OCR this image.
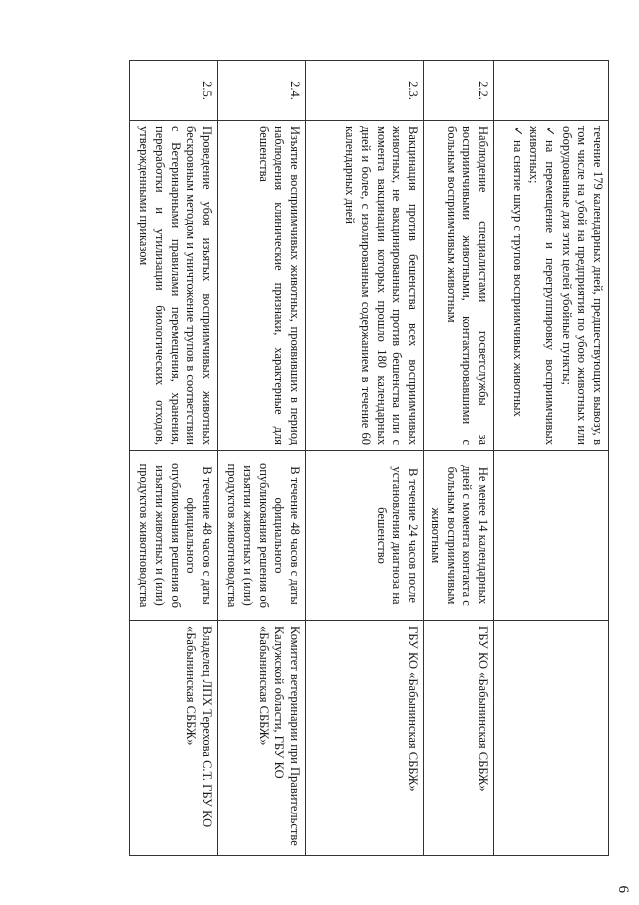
6

	течение 179 календарных дней, предшествующих вывозу, в том числе на убой на предприятия по убою животных или оборудованные для этих целей убойные пункты;
✓на перемещение и перегруппировку восприимчивых животных;
✓на снятие шкур с трупов восприимчивых животных		

2.2.	Наблюдение специалистами госветслужбы за восприимчивыми животными, контактировавшими с больным восприимчивым животным	Не менее 14 календарных дней с момента контакта с больным восприимчивым животным	ГБУ КО «Бабынинская СББЖ»
2.3.	Вакцинация против бешенства всех восприимчивых животных, не вакцинированных против бешенства или с момента вакцинации которых прошло 180 календарных дней и более, с изолированным содержанием в течение 60 календарных дней	В течение 24 часов после установления диагноза на бешенство	ГБУ КО «Бабынинская СББЖ»
2.4.	Изъятие восприимчивых животных, проявивших в период наблюдения клинические признаки, характерные для бешенства	В течение 48 часов с даты официального опубликования решения об изъятии животных и (или) продуктов животноводства	Комитет ветеринарии при Правительстве Калужской области, ГБУ КО «Бабынинская СББЖ»
2.5.	Проведение убоя изъятых восприимчивых животных бескровным методом и уничтожение трупов в соответствии с Ветеринарными правилами перемещения, хранения, переработки и утилизации биологических отходов, утвержденными приказом	В течение 48 часов с даты официального опубликования решения об изъятии животных и (или) продуктов животноводства	Владелец ЛПХ Терехова С.Т. ГБУ КО «Бабынинская СББЖ»
